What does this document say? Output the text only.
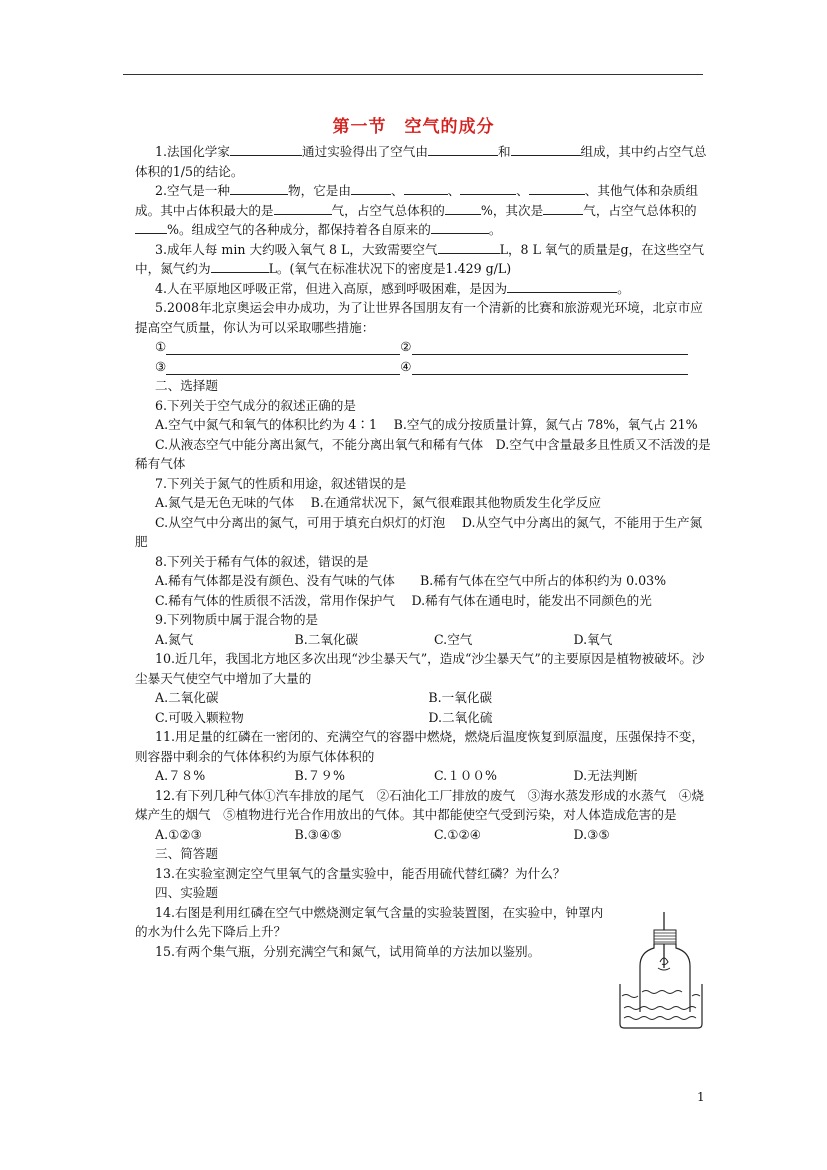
第一节　空气的成分

1.法国化学家	通过实验得出了空气由	和	组成，其中约占空气总体积的1/5的结论。

2.空气是一种	物，它是由	、	、	、	、其他气体和杂质组成。其中占体积最大的是	气，占空气总体积的	%，其次是	气，占空气总体积的%。组成空气的各种成分，都保持着各自原来的	。

3.成年人每 min 大约吸入氧气 8 L，大致需要空气	L，8 L 氧气的质量是g，在这些空气中，氮气约为	L。(氧气在标准状况下的密度是1.429 g/L)

4.人在平原地区呼吸正常，但进入高原，感到呼吸困难，是因为	。

5.2008年北京奥运会申办成功，为了让世界各国朋友有一个清新的比赛和旅游观光环境，北京市应提高空气质量，你认为可以采取哪些措施：

①	②
③	④

二、选择题

6.下列关于空气成分的叙述正确的是

A.空气中氮气和氧气的体积比约为 4∶1　 B.空气的成分按质量计算，氮气占 78%，氧气占 21%

C.从液态空气中能分离出氮气，不能分离出氧气和稀有气体　D.空气中含量最多且性质又不活泼的是稀有气体

7.下列关于氮气的性质和用途，叙述错误的是

A.氮气是无色无味的气体　 B.在通常状况下，氮气很难跟其他物质发生化学反应

C.从空气中分离出的氮气，可用于填充白炽灯的灯泡　 D.从空气中分离出的氮气，不能用于生产氮肥

8.下列关于稀有气体的叙述，错误的是

A.稀有气体都是没有颜色、没有气味的气体　　B.稀有气体在空气中所占的体积约为 0.03%

C.稀有气体的性质很不活泼，常用作保护气　 D.稀有气体在通电时，能发出不同颜色的光

9.下列物质中属于混合物的是

A.氮气	B.二氧化碳	C.空气	D.氧气

10.近几年，我国北方地区多次出现“沙尘暴天气”，造成“沙尘暴天气”的主要原因是植物被破坏。沙尘暴天气使空气中增加了大量的

A.二氧化碳	B.一氧化碳
C.可吸入颗粒物	D.二氧化硫

11.用足量的红磷在一密闭的、充满空气的容器中燃烧，燃烧后温度恢复到原温度，压强保持不变，则容器中剩余的气体体积约为原气体体积的

A.７８%	B.７９%	C.１００%	D.无法判断

12.有下列几种气体①汽车排放的尾气　②石油化工厂排放的废气　③海水蒸发形成的水蒸气　④烧煤产生的烟气　⑤植物进行光合作用放出的气体。其中都能使空气受到污染，对人体造成危害的是

A.①②③	B.③④⑤	C.①②④	D.③⑤

三、简答题

13.在实验室测定空气里氧气的含量实验中，能否用硫代替红磷？为什么？

四、实验题

14.右图是利用红磷在空气中燃烧测定氧气含量的实验装置图，在实验中，钟罩内的水为什么先下降后上升？

15.有两个集气瓶，分别充满空气和氮气，试用简单的方法加以鉴别。

1
